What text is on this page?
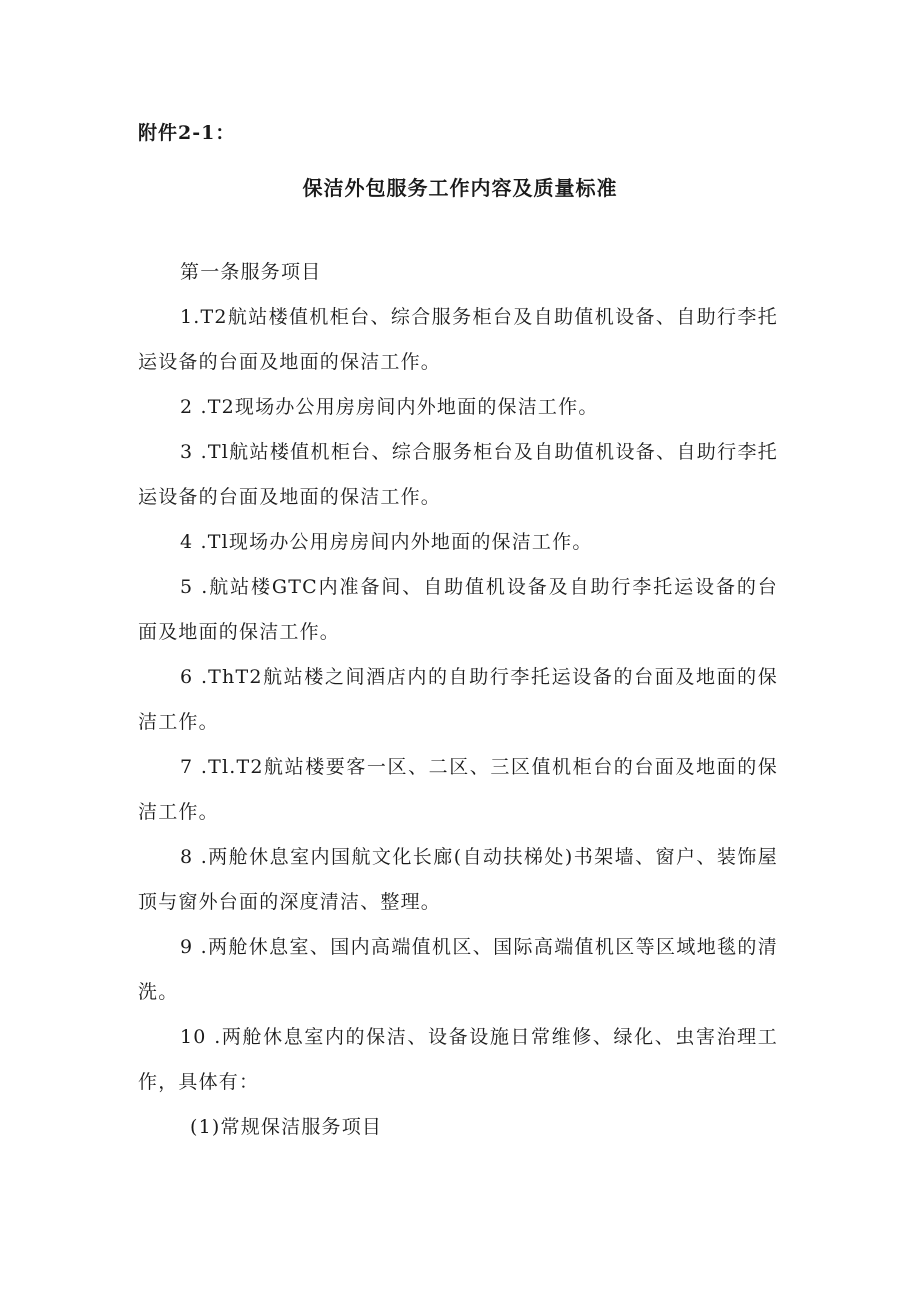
附件2-1：
保洁外包服务工作内容及质量标准

第一条服务项目

1.T2航站楼值机柜台、综合服务柜台及自助值机设备、自助行李托运设备的台面及地面的保洁工作。

2 .T2现场办公用房房间内外地面的保洁工作。

3 .Tl航站楼值机柜台、综合服务柜台及自助值机设备、自助行李托运设备的台面及地面的保洁工作。

4 .Tl现场办公用房房间内外地面的保洁工作。

5 .航站楼GTC内准备间、自助值机设备及自助行李托运设备的台面及地面的保洁工作。

6 .ThT2航站楼之间酒店内的自助行李托运设备的台面及地面的保洁工作。

7 .Tl.T2航站楼要客一区、二区、三区值机柜台的台面及地面的保洁工作。

8 .两舱休息室内国航文化长廊(自动扶梯处)书架墙、窗户、装饰屋顶与窗外台面的深度清洁、整理。

9 .两舱休息室、国内高端值机区、国际高端值机区等区域地毯的清洗。

10 .两舱休息室内的保洁、设备设施日常维修、绿化、虫害治理工作，具体有：

(1)常规保洁服务项目
